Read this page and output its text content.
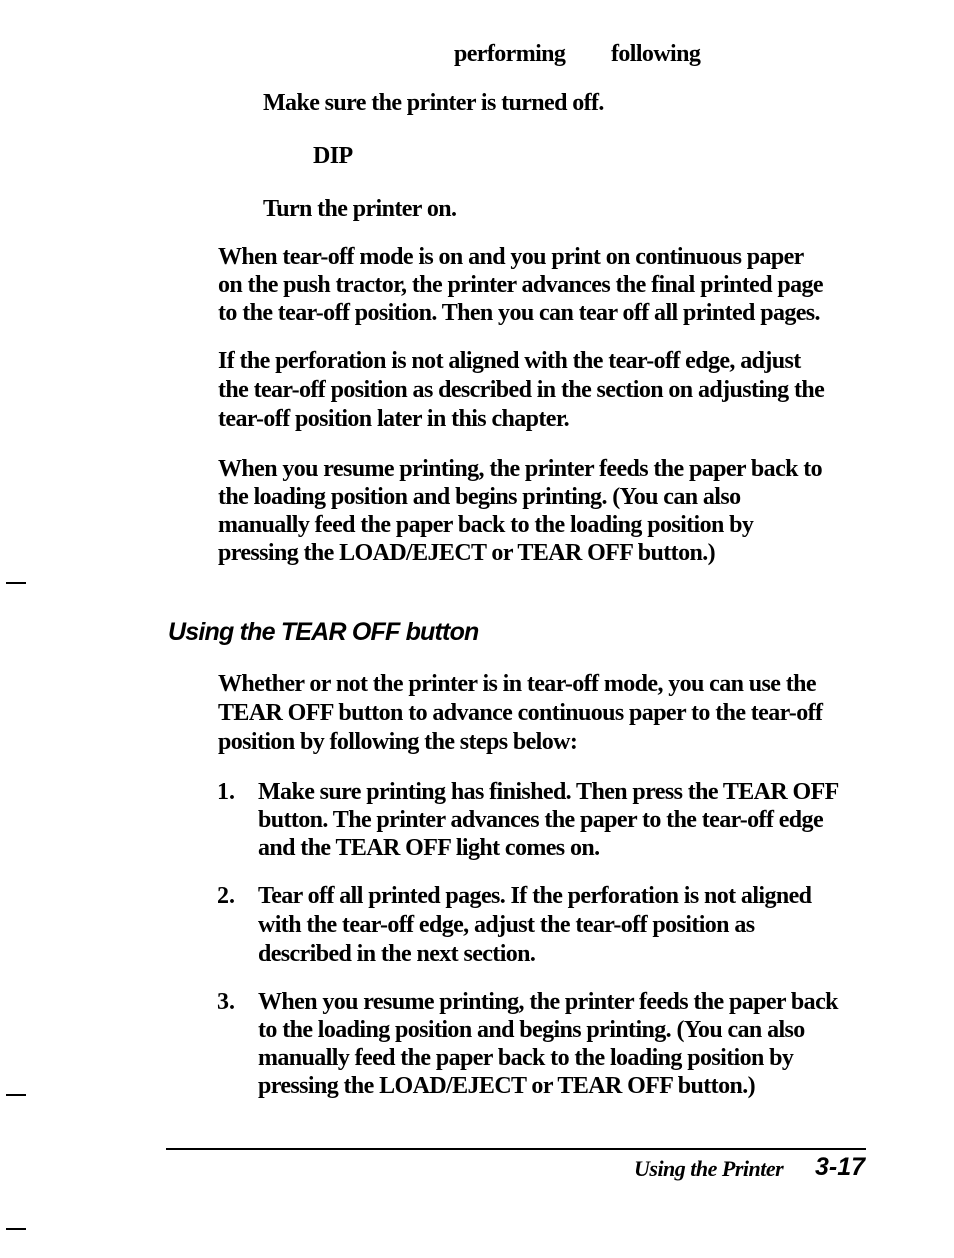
performing following
Make sure the printer is turned off.
DIP
Turn the printer on.
When tear-off mode is on and you print on continuous paper
on the push tractor, the printer advances the final printed page
to the tear-off position. Then you can tear off all printed pages.
If the perforation is not aligned with the tear-off edge, adjust
the tear-off position as described in the section on adjusting the
tear-off position later in this chapter.
When you resume printing, the printer feeds the paper back to
the loading position and begins printing. (You can also
manually feed the paper back to the loading position by
pressing the LOAD/EJECT or TEAR OFF button.)
Using the TEAR OFF button
Whether or not the printer is in tear-off mode, you can use the
TEAR OFF button to advance continuous paper to the tear-off
position by following the steps below:
1. Make sure printing has finished. Then press the TEAR OFF
button. The printer advances the paper to the tear-off edge
and the TEAR OFF light comes on.
2. Tear off all printed pages. If the perforation is not aligned
with the tear-off edge, adjust the tear-off position as
described in the next section.
3. When you resume printing, the printer feeds the paper back
to the loading position and begins printing. (You can also
manually feed the paper back to the loading position by
pressing the LOAD/EJECT or TEAR OFF button.)
Using the Printer 3-17
